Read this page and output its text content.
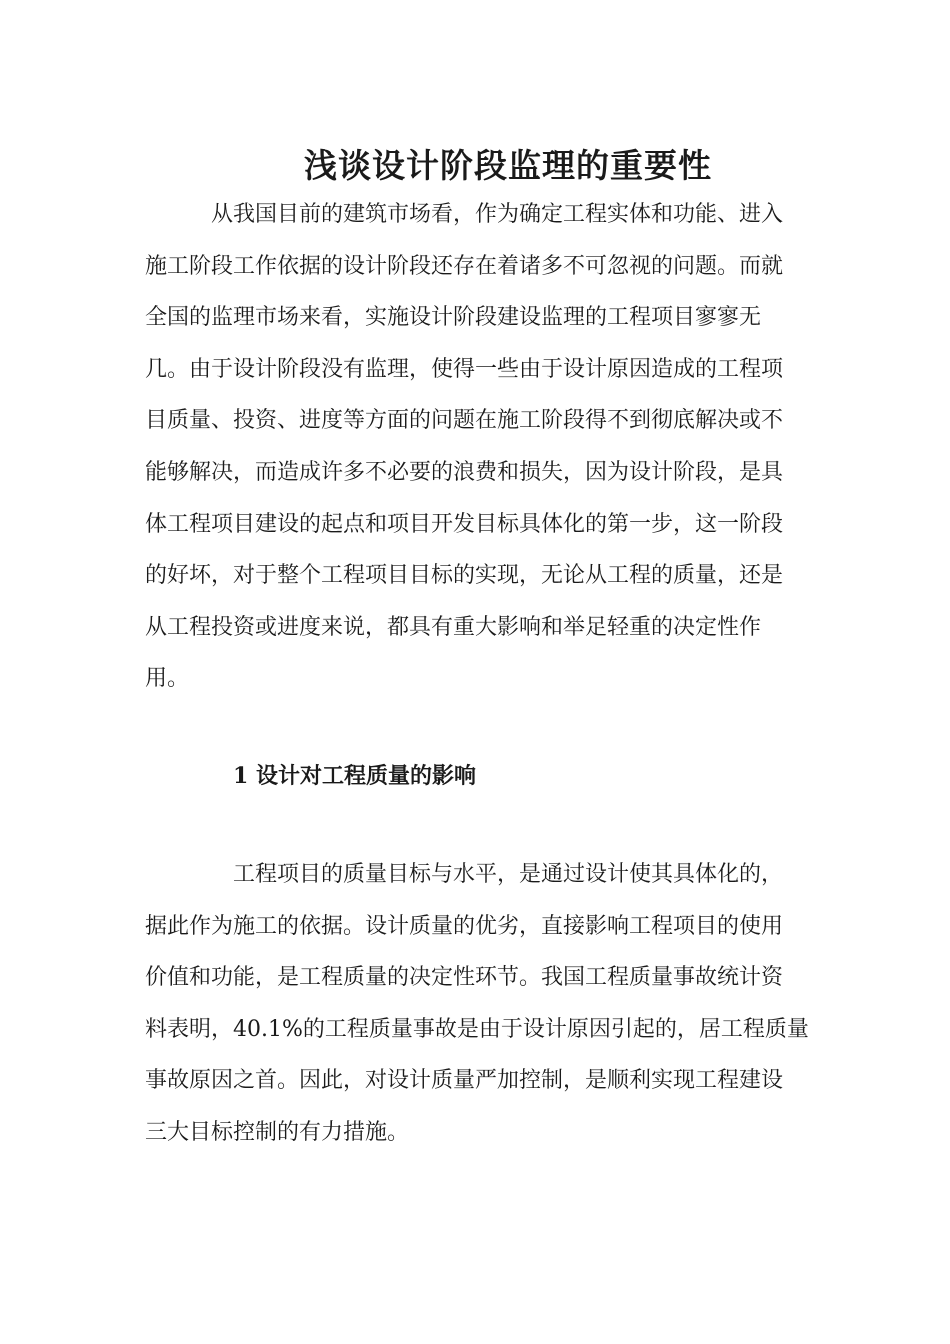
浅谈设计阶段监理的重要性
从我国目前的建筑市场看，作为确定工程实体和功能、进入
施工阶段工作依据的设计阶段还存在着诸多不可忽视的问题。而就
全国的监理市场来看，实施设计阶段建设监理的工程项目寥寥无
几。由于设计阶段没有监理，使得一些由于设计原因造成的工程项
目质量、投资、进度等方面的问题在施工阶段得不到彻底解决或不
能够解决，而造成许多不必要的浪费和损失，因为设计阶段，是具
体工程项目建设的起点和项目开发目标具体化的第一步，这一阶段
的好坏，对于整个工程项目目标的实现，无论从工程的质量，还是
从工程投资或进度来说，都具有重大影响和举足轻重的决定性作
用。
1 设计对工程质量的影响
工程项目的质量目标与水平，是通过设计使其具体化的，
据此作为施工的依据。设计质量的优劣，直接影响工程项目的使用
价值和功能，是工程质量的决定性环节。我国工程质量事故统计资
料表明，40.1%的工程质量事故是由于设计原因引起的，居工程质量
事故原因之首。因此，对设计质量严加控制，是顺利实现工程建设
三大目标控制的有力措施。
